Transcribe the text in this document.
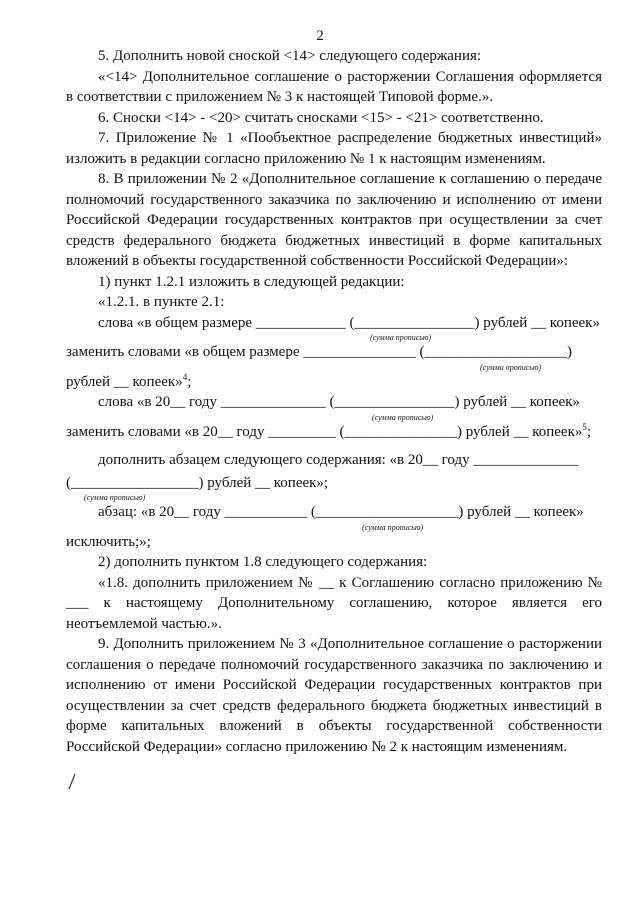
2

5. Дополнить новой сноской <14> следующего содержания:

«<14> Дополнительное соглашение о расторжении Соглашения оформляется в соответствии с приложением № 3 к настоящей Типовой форме.».

6. Сноски <14> - <20> считать сносками <15> - <21> соответственно.

7. Приложение № 1 «Пообъектное распределение бюджетных инвестиций» изложить в редакции согласно приложению № 1 к настоящим изменениям.

8. В приложении № 2 «Дополнительное соглашение к соглашению о передаче полномочий государственного заказчика по заключению и исполнению от имени Российской Федерации государственных контрактов при осуществлении за счет средств федерального бюджета бюджетных инвестиций в форме капитальных вложений в объекты государственной собственности Российской Федерации»:

1) пункт 1.2.1 изложить в следующей редакции:

«1.2.1. в пункте 2.1:

слова «в общем размере ____________ (________________) рублей __ копеек»

(сумма прописью)

заменить словами «в общем размере _______________ (___________________)

(сумма прописью)

рублей __ копеек»$^4$;

слова «в 20__ году ______________ (________________) рублей __ копеек»

(сумма прописью)

заменить словами «в 20__ году _________ (_______________) рублей __ копеек»$^5$;

дополнить абзацем следующего содержания: «в 20__ году ______________

(_________________) рублей __ копеек»;

(сумма прописью)

абзац: «в 20__ году ___________ (___________________) рублей __ копеек»

(сумма прописью)

исключить;»;

2) дополнить пунктом 1.8 следующего содержания:

«1.8. дополнить приложением № __ к Соглашению согласно приложению № ___ к настоящему Дополнительному соглашению, которое является его неотъемлемой частью.».

9. Дополнить приложением № 3 «Дополнительное соглашение о расторжении соглашения о передаче полномочий государственного заказчика по заключению и исполнению от имени Российской Федерации государственных контрактов при осуществлении за счет средств федерального бюджета бюджетных инвестиций в форме капитальных вложений в объекты государственной собственности Российской Федерации» согласно приложению № 2 к настоящим изменениям.
